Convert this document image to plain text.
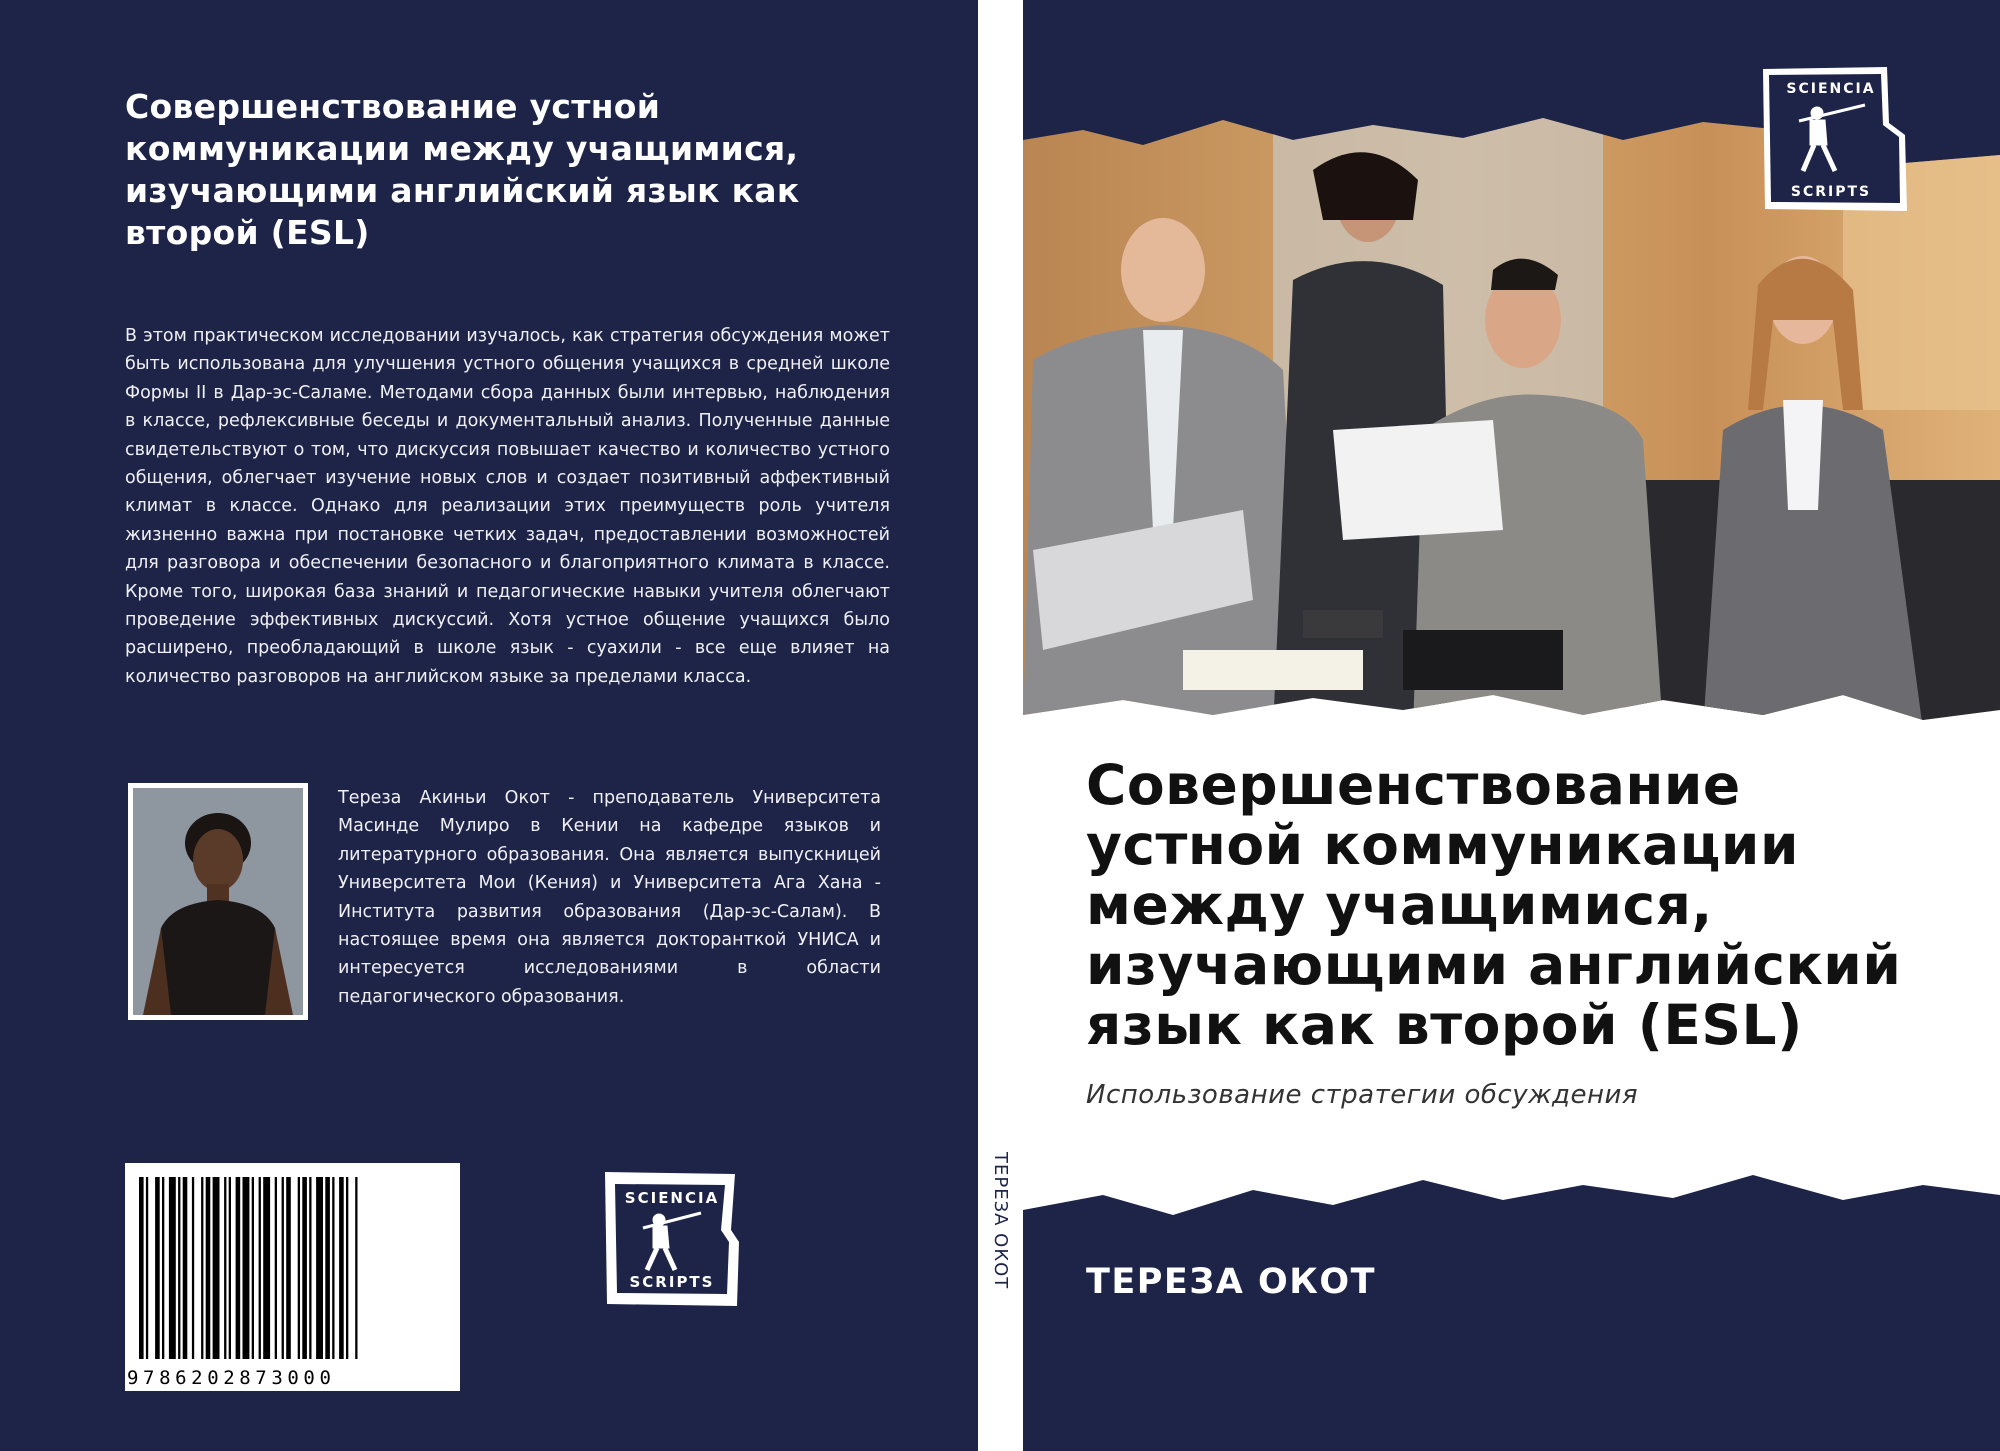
Совершенствование устной коммуникации между учащимися, изучающими английский язык как второй (ESL)
В этом практическом исследовании изучалось, как стратегия обсуждения может быть использована для улучшения устного общения учащихся в средней школе Формы II в Дар-эс-Саламе. Методами сбора данных были интервью, наблюдения в классе, рефлексивные беседы и документальный анализ. Полученные данные свидетельствуют о том, что дискуссия повышает качество и количество устного общения, облегчает изучение новых слов и создает позитивный аффективный климат в классе. Однако для реализации этих преимуществ роль учителя жизненно важна при постановке четких задач, предоставлении возможностей для разговора и обеспечении безопасного и благоприятного климата в классе. Кроме того, широкая база знаний и педагогические навыки учителя облегчают проведение эффективных дискуссий. Хотя устное общение учащихся было расширено, преобладающий в школе язык - суахили - все еще влияет на количество разговоров на английском языке за пределами класса.
Тереза Акиньи Окот - преподаватель Университета Масинде Мулиро в Кении на кафедре языков и литературного образования. Она является выпускницей Университета Мои (Кения) и Университета Ага Хана - Института развития образования (Дар-эс-Салам). В настоящее время она является докторанткой УНИСА и интересуется исследованиями в области педагогического образования.
9786202873000
SCIENCIA
SCRIPTS	ТЕРЕЗА ОКОТ
SCIENCIA
SCRIPTS
Совершенствование устной коммуникации между учащимися, изучающими английский язык как второй (ESL)
Использование стратегии обсуждения
ТЕРЕЗА ОКОТ
